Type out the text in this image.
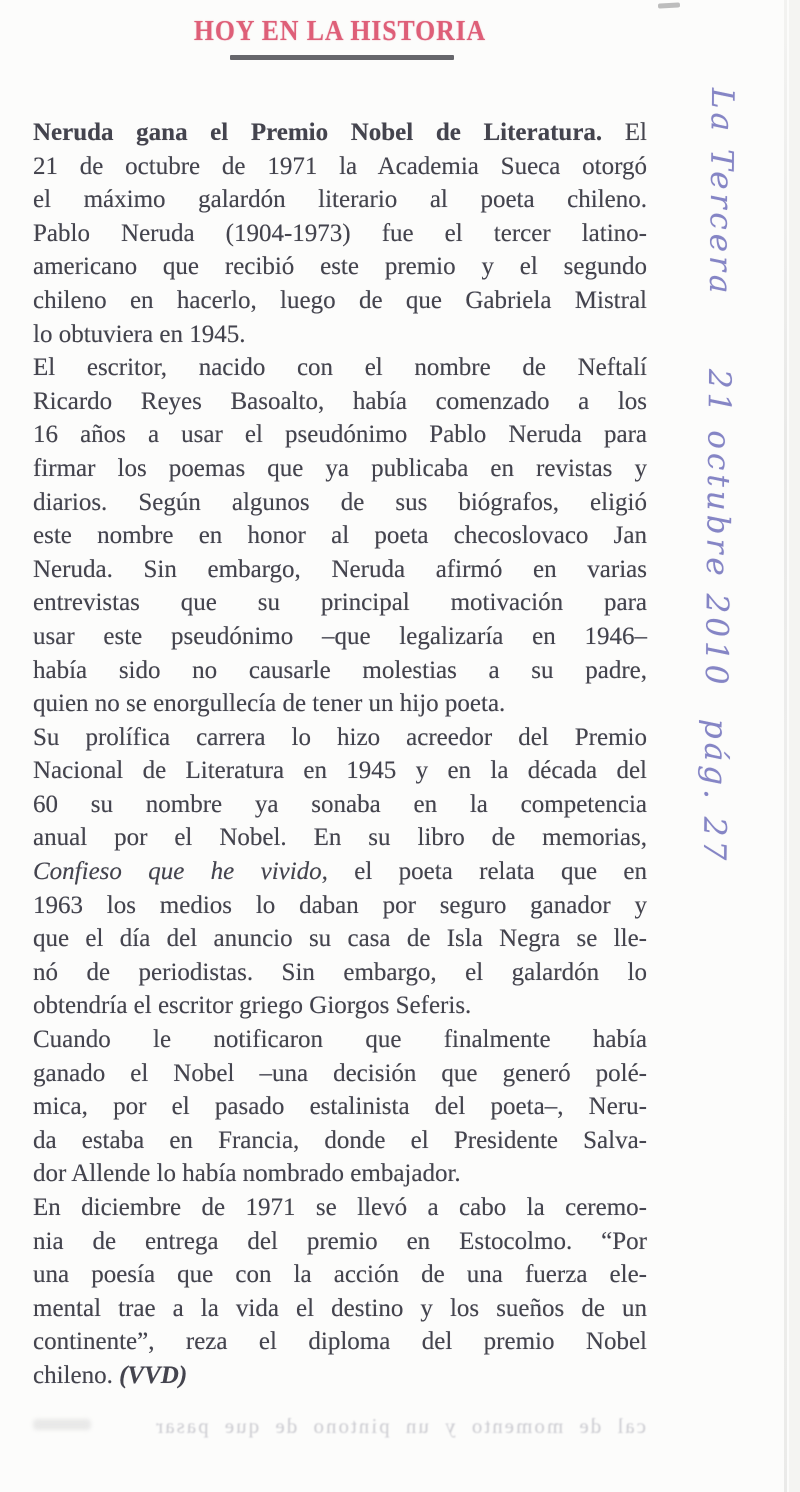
HOY EN LA HISTORIA

Neruda gana el Premio Nobel de Literatura. El
21 de octubre de 1971 la Academia Sueca otorgó
el máximo galardón literario al poeta chileno.
Pablo Neruda (1904-1973) fue el tercer latino-
americano que recibió este premio y el segundo
chileno en hacerlo, luego de que Gabriela Mistral
lo obtuviera en 1945.

El escritor, nacido con el nombre de Neftalí
Ricardo Reyes Basoalto, había comenzado a los
16 años a usar el pseudónimo Pablo Neruda para
firmar los poemas que ya publicaba en revistas y
diarios. Según algunos de sus biógrafos, eligió
este nombre en honor al poeta checoslovaco Jan
Neruda. Sin embargo, Neruda afirmó en varias
entrevistas que su principal motivación para
usar este pseudónimo –que legalizaría en 1946–
había sido no causarle molestias a su padre,
quien no se enorgullecía de tener un hijo poeta.

Su prolífica carrera lo hizo acreedor del Premio
Nacional de Literatura en 1945 y en la década del
60 su nombre ya sonaba en la competencia
anual por el Nobel. En su libro de memorias,
Confieso que he vivido, el poeta relata que en
1963 los medios lo daban por seguro ganador y
que el día del anuncio su casa de Isla Negra se lle-
nó de periodistas. Sin embargo, el galardón lo
obtendría el escritor griego Giorgos Seferis.

Cuando le notificaron que finalmente había
ganado el Nobel –una decisión que generó polé-
mica, por el pasado estalinista del poeta–, Neru-
da estaba en Francia, donde el Presidente Salva-
dor Allende lo había nombrado embajador.

En diciembre de 1971 se llevó a cabo la ceremo-
nia de entrega del premio en Estocolmo. “Por
una poesía que con la acción de una fuerza ele-
mental trae a la vida el destino y los sueños de un
continente”, reza el diploma del premio Nobel
chileno. (VVD)

La Tercera21 octubre 2010pág. 27
cal de momento y un pintono de que pasar
